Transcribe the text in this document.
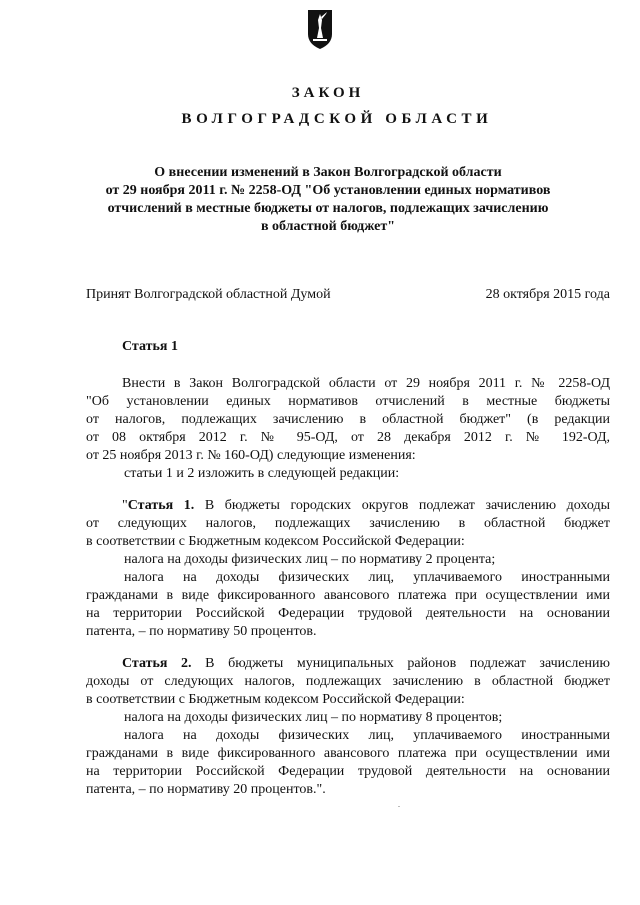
ЗАКОН
ВОЛГОГРАДСКОЙ ОБЛАСТИ
О внесении изменений в Закон Волгоградской области
от 29 ноября 2011 г. № 2258-ОД "Об установлении единых нормативов
отчислений в местные бюджеты от налогов, подлежащих зачислению
в областной бюджет"
Принят Волгоградской областной Думой	28 октября 2015 года
Статья 1
Внести в Закон Волгоградской области от 29 ноября 2011 г. № 2258-ОД
"Об установлении единых нормативов отчислений в местные бюджеты
от налогов, подлежащих зачислению в областной бюджет" (в редакции
от 08 октября 2012 г. № 95-ОД, от 28 декабря 2012 г. № 192-ОД,
от 25 ноября 2013 г. № 160-ОД) следующие изменения:
статьи 1 и 2 изложить в следующей редакции:
"Статья 1. В бюджеты городских округов подлежат зачислению доходы
от следующих налогов, подлежащих зачислению в областной бюджет
в соответствии с Бюджетным кодексом Российской Федерации:
налога на доходы физических лиц – по нормативу 2 процента;
налога на доходы физических лиц, уплачиваемого иностранными
гражданами в виде фиксированного авансового платежа при осуществлении ими
на территории Российской Федерации трудовой деятельности на основании
патента, – по нормативу 50 процентов.
Статья 2. В бюджеты муниципальных районов подлежат зачислению
доходы от следующих налогов, подлежащих зачислению в областной бюджет
в соответствии с Бюджетным кодексом Российской Федерации:
налога на доходы физических лиц – по нормативу 8 процентов;
налога на доходы физических лиц, уплачиваемого иностранными
гражданами в виде фиксированного авансового платежа при осуществлении ими
на территории Российской Федерации трудовой деятельности на основании
патента, – по нормативу 20 процентов.".
